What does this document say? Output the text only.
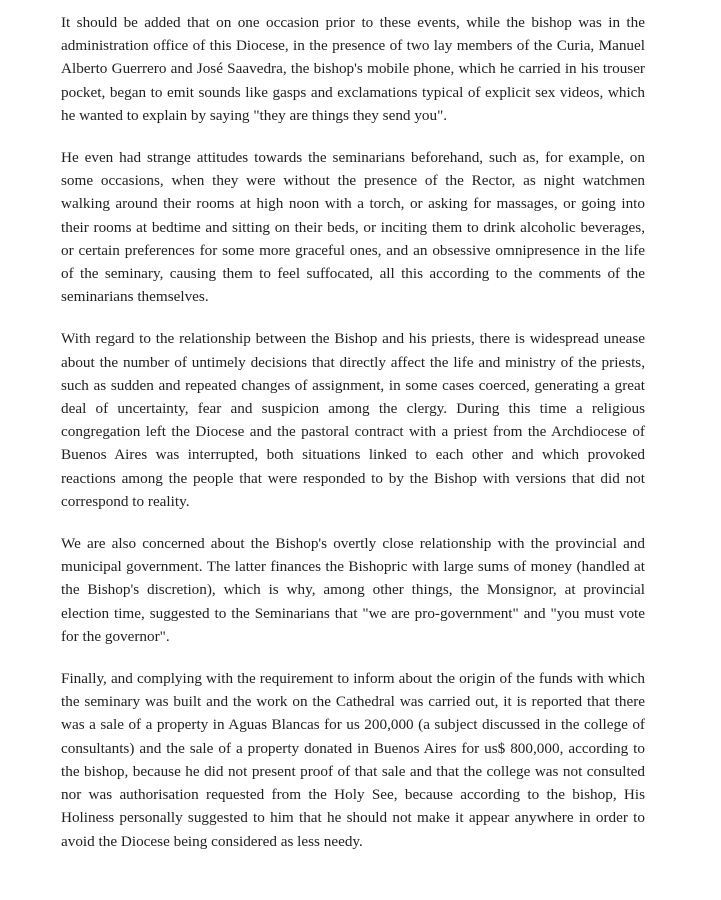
It should be added that on one occasion prior to these events, while the bishop was in the administration office of this Diocese, in the presence of two lay members of the Curia, Manuel Alberto Guerrero and José Saavedra, the bishop's mobile phone, which he carried in his trouser pocket, began to emit sounds like gasps and exclamations typical of explicit sex videos, which he wanted to explain by saying "they are things they send you".

He even had strange attitudes towards the seminarians beforehand, such as, for example, on some occasions, when they were without the presence of the Rector, as night watchmen walking around their rooms at high noon with a torch, or asking for massages, or going into their rooms at bedtime and sitting on their beds, or inciting them to drink alcoholic beverages, or certain preferences for some more graceful ones, and an obsessive omnipresence in the life of the seminary, causing them to feel suffocated, all this according to the comments of the seminarians themselves.

With regard to the relationship between the Bishop and his priests, there is widespread unease about the number of untimely decisions that directly affect the life and ministry of the priests, such as sudden and repeated changes of assignment, in some cases coerced, generating a great deal of uncertainty, fear and suspicion among the clergy. During this time a religious congregation left the Diocese and the pastoral contract with a priest from the Archdiocese of Buenos Aires was interrupted, both situations linked to each other and which provoked reactions among the people that were responded to by the Bishop with versions that did not correspond to reality.

We are also concerned about the Bishop's overtly close relationship with the provincial and municipal government. The latter finances the Bishopric with large sums of money (handled at the Bishop's discretion), which is why, among other things, the Monsignor, at provincial election time, suggested to the Seminarians that "we are pro-government" and "you must vote for the governor".

Finally, and complying with the requirement to inform about the origin of the funds with which the seminary was built and the work on the Cathedral was carried out, it is reported that there was a sale of a property in Aguas Blancas for us 200,000 (a subject discussed in the college of consultants) and the sale of a property donated in Buenos Aires for us$ 800,000, according to the bishop, because he did not present proof of that sale and that the college was not consulted nor was authorisation requested from the Holy See, because according to the bishop, His Holiness personally suggested to him that he should not make it appear anywhere in order to avoid the Diocese being considered as less needy.
